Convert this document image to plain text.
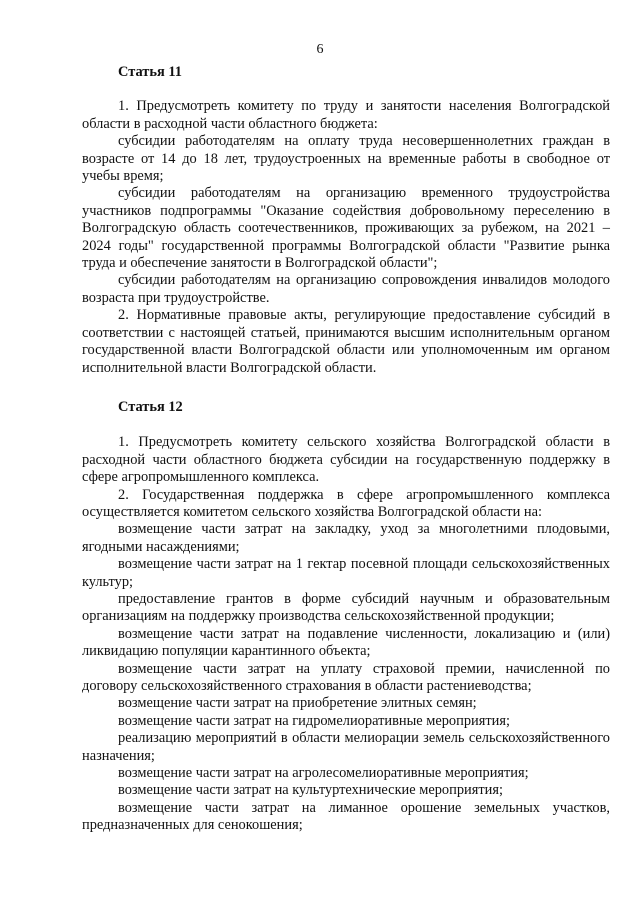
6

Статья 11

1. Предусмотреть комитету по труду и занятости населения Волгоградской области в расходной части областного бюджета:

субсидии работодателям на оплату труда несовершеннолетних граждан в возрасте от 14 до 18 лет, трудоустроенных на временные работы в свободное от учебы время;

субсидии работодателям на организацию временного трудоустройства участников подпрограммы "Оказание содействия добровольному переселению в Волгоградскую область соотечественников, проживающих за рубежом, на 2021 – 2024 годы" государственной программы Волгоградской области "Развитие рынка труда и обеспечение занятости в Волгоградской области";

субсидии работодателям на организацию сопровождения инвалидов молодого возраста при трудоустройстве.

2. Нормативные правовые акты, регулирующие предоставление субсидий в соответствии с настоящей статьей, принимаются высшим исполнительным органом государственной власти Волгоградской области или уполномоченным им органом исполнительной власти Волгоградской области.

Статья 12

1. Предусмотреть комитету сельского хозяйства Волгоградской области в расходной части областного бюджета субсидии на государственную поддержку в сфере агропромышленного комплекса.

2. Государственная поддержка в сфере агропромышленного комплекса осуществляется комитетом сельского хозяйства Волгоградской области на:

возмещение части затрат на закладку, уход за многолетними плодовыми, ягодными насаждениями;

возмещение части затрат на 1 гектар посевной площади сельскохозяйственных культур;

предоставление грантов в форме субсидий научным и образовательным организациям на поддержку производства сельскохозяйственной продукции;

возмещение части затрат на подавление численности, локализацию и (или) ликвидацию популяции карантинного объекта;

возмещение части затрат на уплату страховой премии, начисленной по договору сельскохозяйственного страхования в области растениеводства;

возмещение части затрат на приобретение элитных семян;

возмещение части затрат на гидромелиоративные мероприятия;

реализацию мероприятий в области мелиорации земель сельскохозяйственного назначения;

возмещение части затрат на агролесомелиоративные мероприятия;

возмещение части затрат на культуртехнические мероприятия;

возмещение части затрат на лиманное орошение земельных участков, предназначенных для сенокошения;
